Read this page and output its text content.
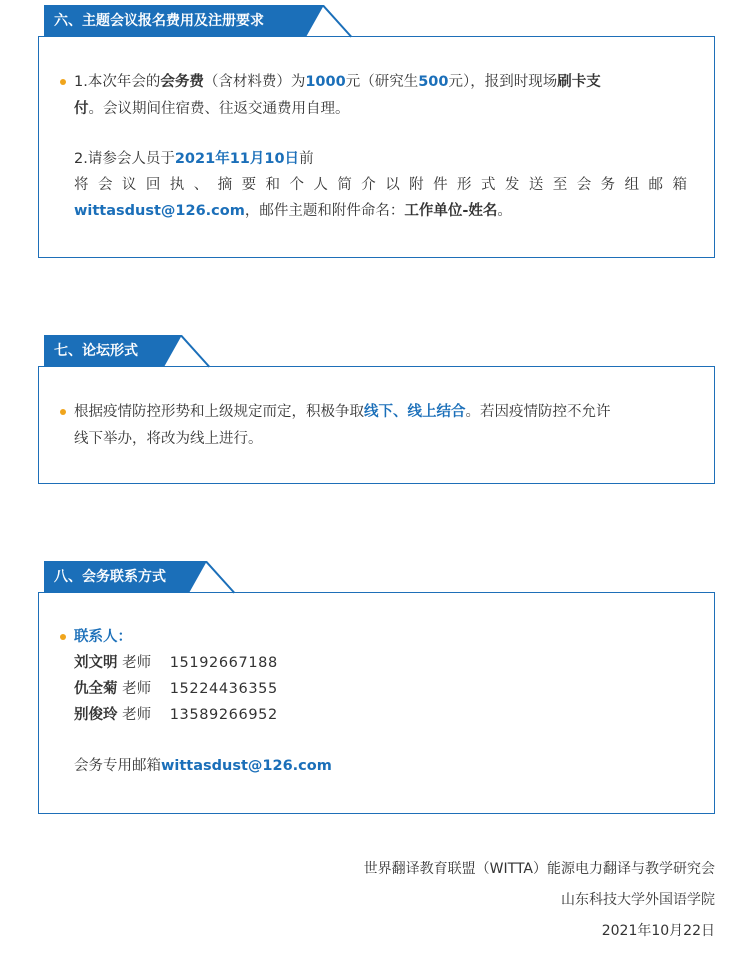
六、主题会议报名费用及注册要求
1.本次年会的会务费（含材料费）为1000元（研究生500元），报到时现场刷卡支
付。会议期间住宿费、往返交通费用自理。
2.请参会人员于2021年11月10日前
将会议回执、摘要和个人简介以附件形式发送至会务组邮箱
wittasdust@126.com，邮件主题和附件命名：工作单位-姓名。
七、论坛形式
根据疫情防控形势和上级规定而定，积极争取线下、线上结合。若因疫情防控不允许
线下举办，将改为线上进行。
八、会务联系方式
联系人：
刘文明 老师 15192667188
仇全菊 老师 15224436355
别俊玲 老师 13589266952
会务专用邮箱wittasdust@126.com
世界翻译教育联盟（WITTA）能源电力翻译与教学研究会
山东科技大学外国语学院
2021年10月22日
